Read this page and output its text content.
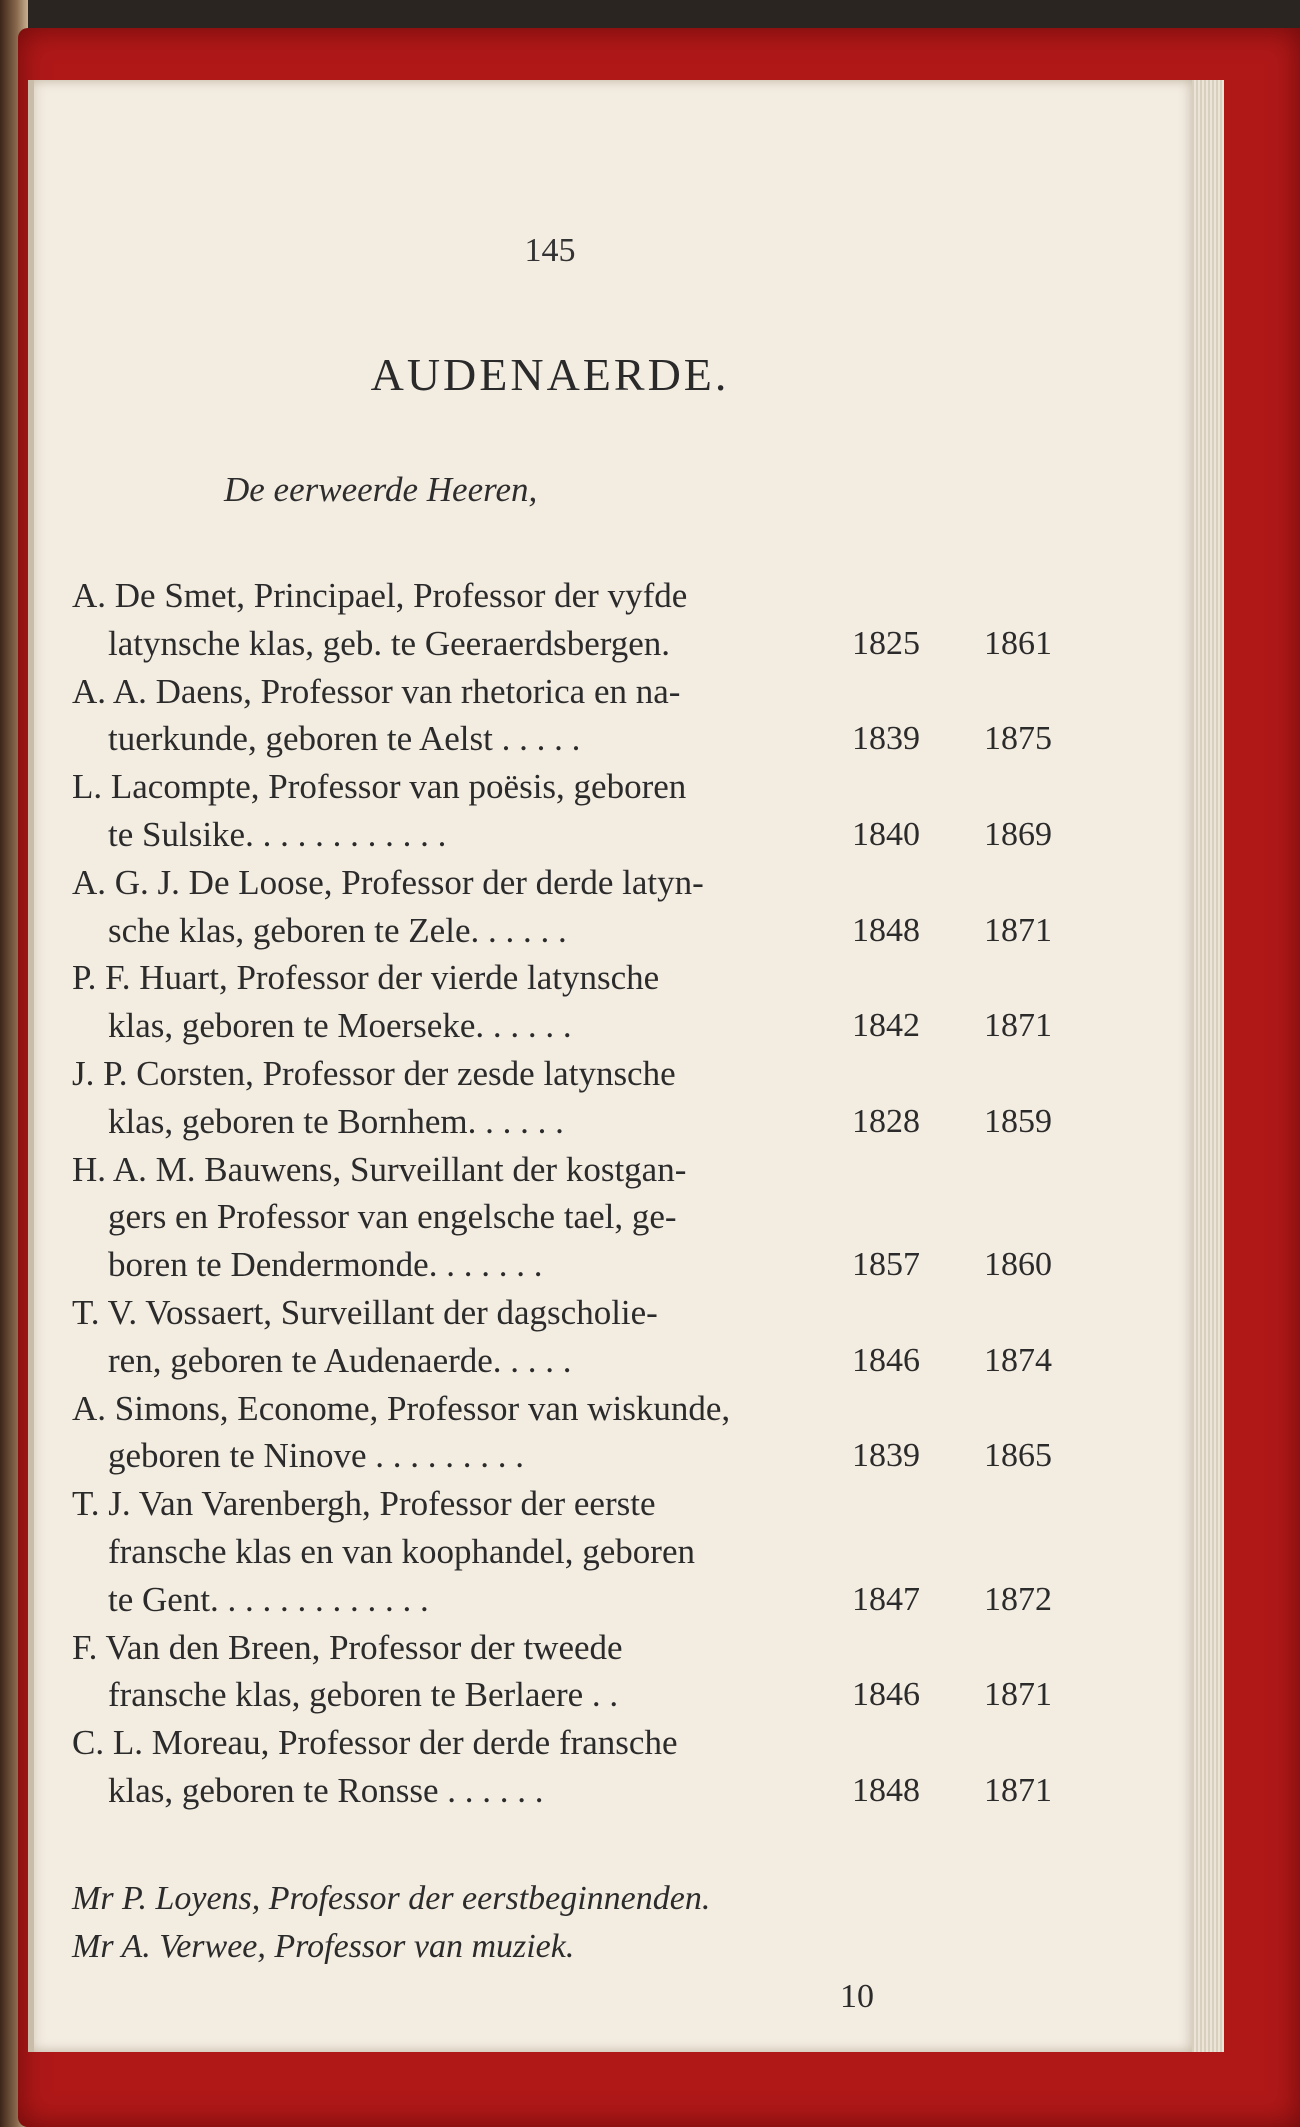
145
AUDENAERDE.
De eerweerde Heeren,
A. De Smet, Principael, Professor der vyfde
latynsche klas, geb. te Geeraerdsbergen.	1825 1861
A. A. Daens, Professor van rhetorica en na-
tuerkunde, geboren te Aelst . . . . .	1839 1875
L. Lacompte, Professor van poësis, geboren
te Sulsike. . . . . . . . . . . .	1840 1869
A. G. J. De Loose, Professor der derde latyn-
sche klas, geboren te Zele. . . . . .	1848 1871
P. F. Huart, Professor der vierde latynsche
klas, geboren te Moerseke. . . . . .	1842 1871
J. P. Corsten, Professor der zesde latynsche
klas, geboren te Bornhem. . . . . .	1828 1859
H. A. M. Bauwens, Surveillant der kostgan-
gers en Professor van engelsche tael, ge-
boren te Dendermonde. . . . . . .	1857 1860
T. V. Vossaert, Surveillant der dagscholie-
ren, geboren te Audenaerde. . . . .	1846 1874
A. Simons, Econome, Professor van wiskunde,
geboren te Ninove . . . . . . . . .	1839 1865
T. J. Van Varenbergh, Professor der eerste
fransche klas en van koophandel, geboren
te Gent. . . . . . . . . . . . .	1847 1872
F. Van den Breen, Professor der tweede
fransche klas, geboren te Berlaere . .	1846 1871
C. L. Moreau, Professor der derde fransche
klas, geboren te Ronsse . . . . . .	1848 1871
Mr P. Loyens, Professor der eerstbeginnenden.
Mr A. Verwee, Professor van muziek.
10
